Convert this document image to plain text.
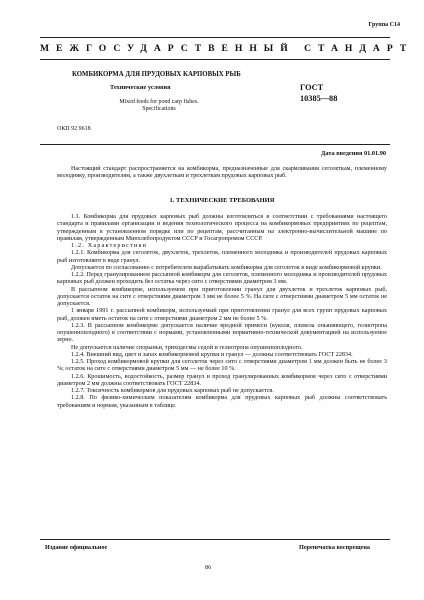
Группа С14
МЕЖГОСУДАРСТВЕННЫЙ СТАНДАРТ
КОМБИКОРМА ДЛЯ ПРУДОВЫХ КАРПОВЫХ РЫБ
Технические условия
Mixed feeds for pond carp fishes.
Specifications
ГОСТ
10385—88
ОКП 92 9618
Дата введения 01.01.90

Настоящий стандарт распространяется на комбикорма, предназначенные для скармливания сеголеткам, племенному молодняку, производителям, а также двухлеткам и трехлеткам прудовых карповых рыб.

1. ТЕХНИЧЕСКИЕ ТРЕБОВАНИЯ

1.1. Комбикорма для прудовых карповых рыб должны изготовляться в соответствии с требованиями настоящего стандарта и правилами организации и ведения технологического процесса на комбикормовых предприятиях по рецептам, утвержденным в установленном порядке или по рецептам, рассчитанным на электронно-вычислительной машине по правилам, утвержденным Минхлебопродуктом СССР и Госагропромом СССР.

1.2. Характеристики

1.2.1. Комбикорма для сеголеток, двухлеток, трехлеток, племенного молодняка и производителей прудовых карповых рыб изготовляют в виде гранул.

Допускается по согласованию с потребителем вырабатывать комбикорма для сеголеток в виде комбикормовой крупки.

1.2.2. Перед гранулированием рассыпной комбикорм для сеголеток, племенного молодняка и производителей прудовых карповых рыб должен проходить без остатка через сито с отверстиями диаметром 3 мм.

В рассыпном комбикорме, используемом при приготовлении гранул для двухлеток и трехлеток карповых рыб, допускается остаток на сите с отверстиями диаметром 3 мм не более 5 %. На сите с отверстиями диаметром 5 мм остаток не допускается.

1 января 1991 г. рассыпной комбикорм, используемый при приготовлении гранул для всех групп прудовых карповых рыб, должен иметь остаток на сите с отверстиями диаметром 2 мм не более 5 %.

1.2.3. В рассыпном комбикорме допускается наличие вредной примеси (куколя, плевела опьяняющего, гелиотропа опушенноплодного) в соответствии с нормами, установленными нормативно-технической документацией на используемое зерно.

Не допускается наличие спорыньи, триходесмы седой и гелиотропа опушенноплодного.

1.2.4. Внешний вид, цвет и запах комбикормовой крупки и гранул — должны соответствовать ГОСТ 22834.

1.2.5. Проход комбикормовой крупки для сеголеток через сито с отверстиями диаметром 1 мм должен быть не более 3 %; остаток на сите с отверстиями диаметром 5 мм — не более 10 %.

1.2.6. Крошимость, водостойкость, размер гранул и проход гранулированных комбикормов через сито с отверстиями диаметром 2 мм должны соответствовать ГОСТ 22834.

1.2.7. Токсичность комбикормов для прудовых карповых рыб не допускается.

1.2.8. По физико-химическим показателям комбикорма для прудовых карповых рыб должны соответствовать требованиям и нормам, указанным в таблице.

Издание официальное	Перепечатка воспрещена
86
